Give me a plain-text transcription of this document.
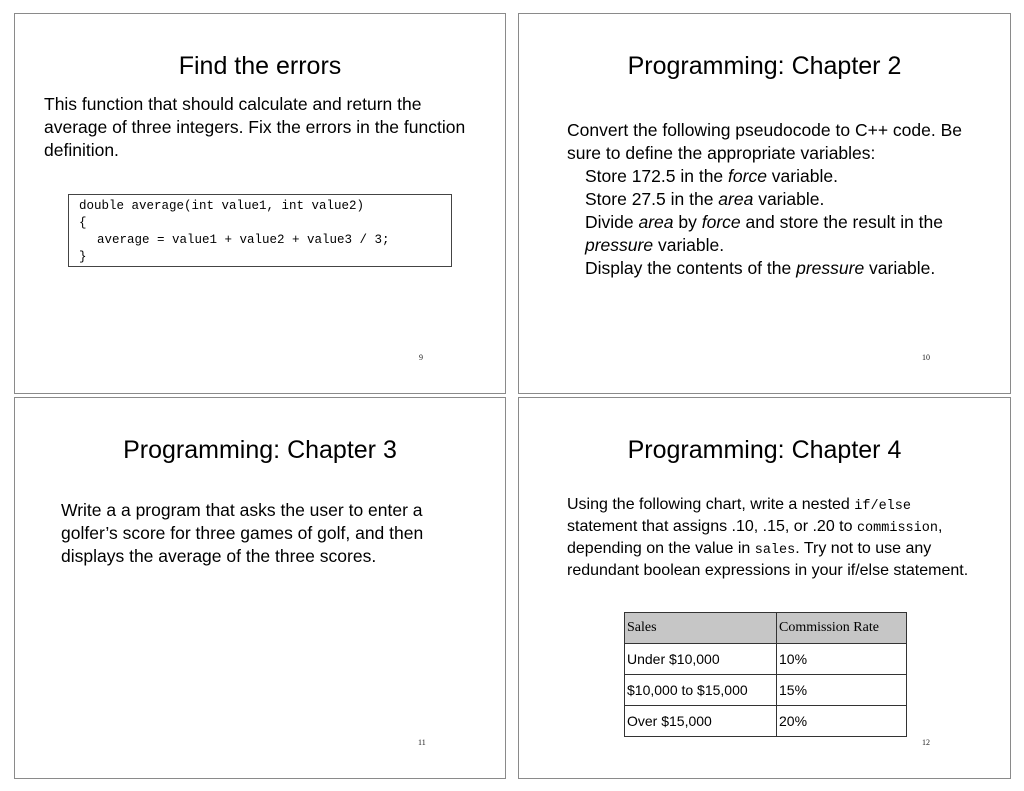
Find the errors
This function that should calculate and return the average of three integers. Fix the errors in the function definition.
double average(int value1, int value2)
{
average = value1 + value2 + value3 / 3;
}
9
Programming: Chapter 2
Convert the following pseudocode to C++ code. Be sure to define the appropriate variables:
Store 172.5 in the force variable.
Store 27.5 in the area variable.
Divide area by force and store the result in the pressure variable.
Display the contents of the pressure variable.
10
Programming: Chapter 3
Write a a program that asks the user to enter a golfer’s score for three games of golf, and then displays the average of the three scores.
11
Programming: Chapter 4
Using the following chart, write a nested if/else statement that assigns .10, .15, or .20 to commission, depending on the value in sales. Try not to use any redundant boolean expressions in your if/else statement.
Sales	Commission Rate
Under $10,000	10%
$10,000 to $15,000	15%
Over $15,000	20%
12
